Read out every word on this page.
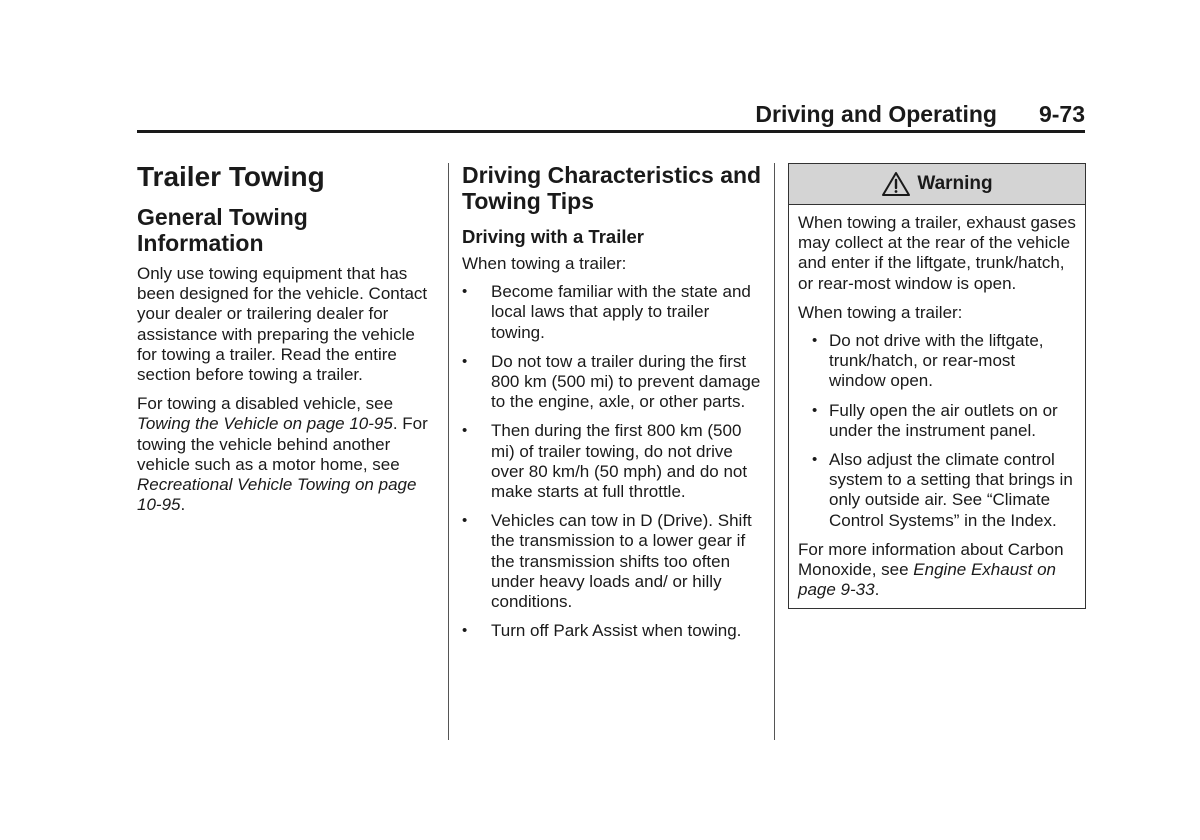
Driving and Operating 9-73
Trailer Towing
General Towing Information

Only use towing equipment that has been designed for the vehicle. Contact your dealer or trailering dealer for assistance with preparing the vehicle for towing a trailer. Read the entire section before towing a trailer.

For towing a disabled vehicle, see Towing the Vehicle on page 10-95. For towing the vehicle behind another vehicle such as a motor home, see Recreational Vehicle Towing on page 10-95.

Driving Characteristics and Towing Tips
Driving with a Trailer

When towing a trailer:

• Become familiar with the state and local laws that apply to trailer towing.
• Do not tow a trailer during the first 800 km (500 mi) to prevent damage to the engine, axle, or other parts.
• Then during the first 800 km (500 mi) of trailer towing, do not drive over 80 km/h (50 mph) and do not make starts at full throttle.
• Vehicles can tow in D (Drive). Shift the transmission to a lower gear if the transmission shifts too often under heavy loads and/ or hilly conditions.
• Turn off Park Assist when towing.
Warning

When towing a trailer, exhaust gases may collect at the rear of the vehicle and enter if the liftgate, trunk/hatch, or rear-most window is open.

When towing a trailer:

• Do not drive with the liftgate, trunk/hatch, or rear-most window open.
• Fully open the air outlets on or under the instrument panel.
• Also adjust the climate control system to a setting that brings in only outside air. See “Climate Control Systems” in the Index.

For more information about Carbon Monoxide, see Engine Exhaust on page 9-33.
